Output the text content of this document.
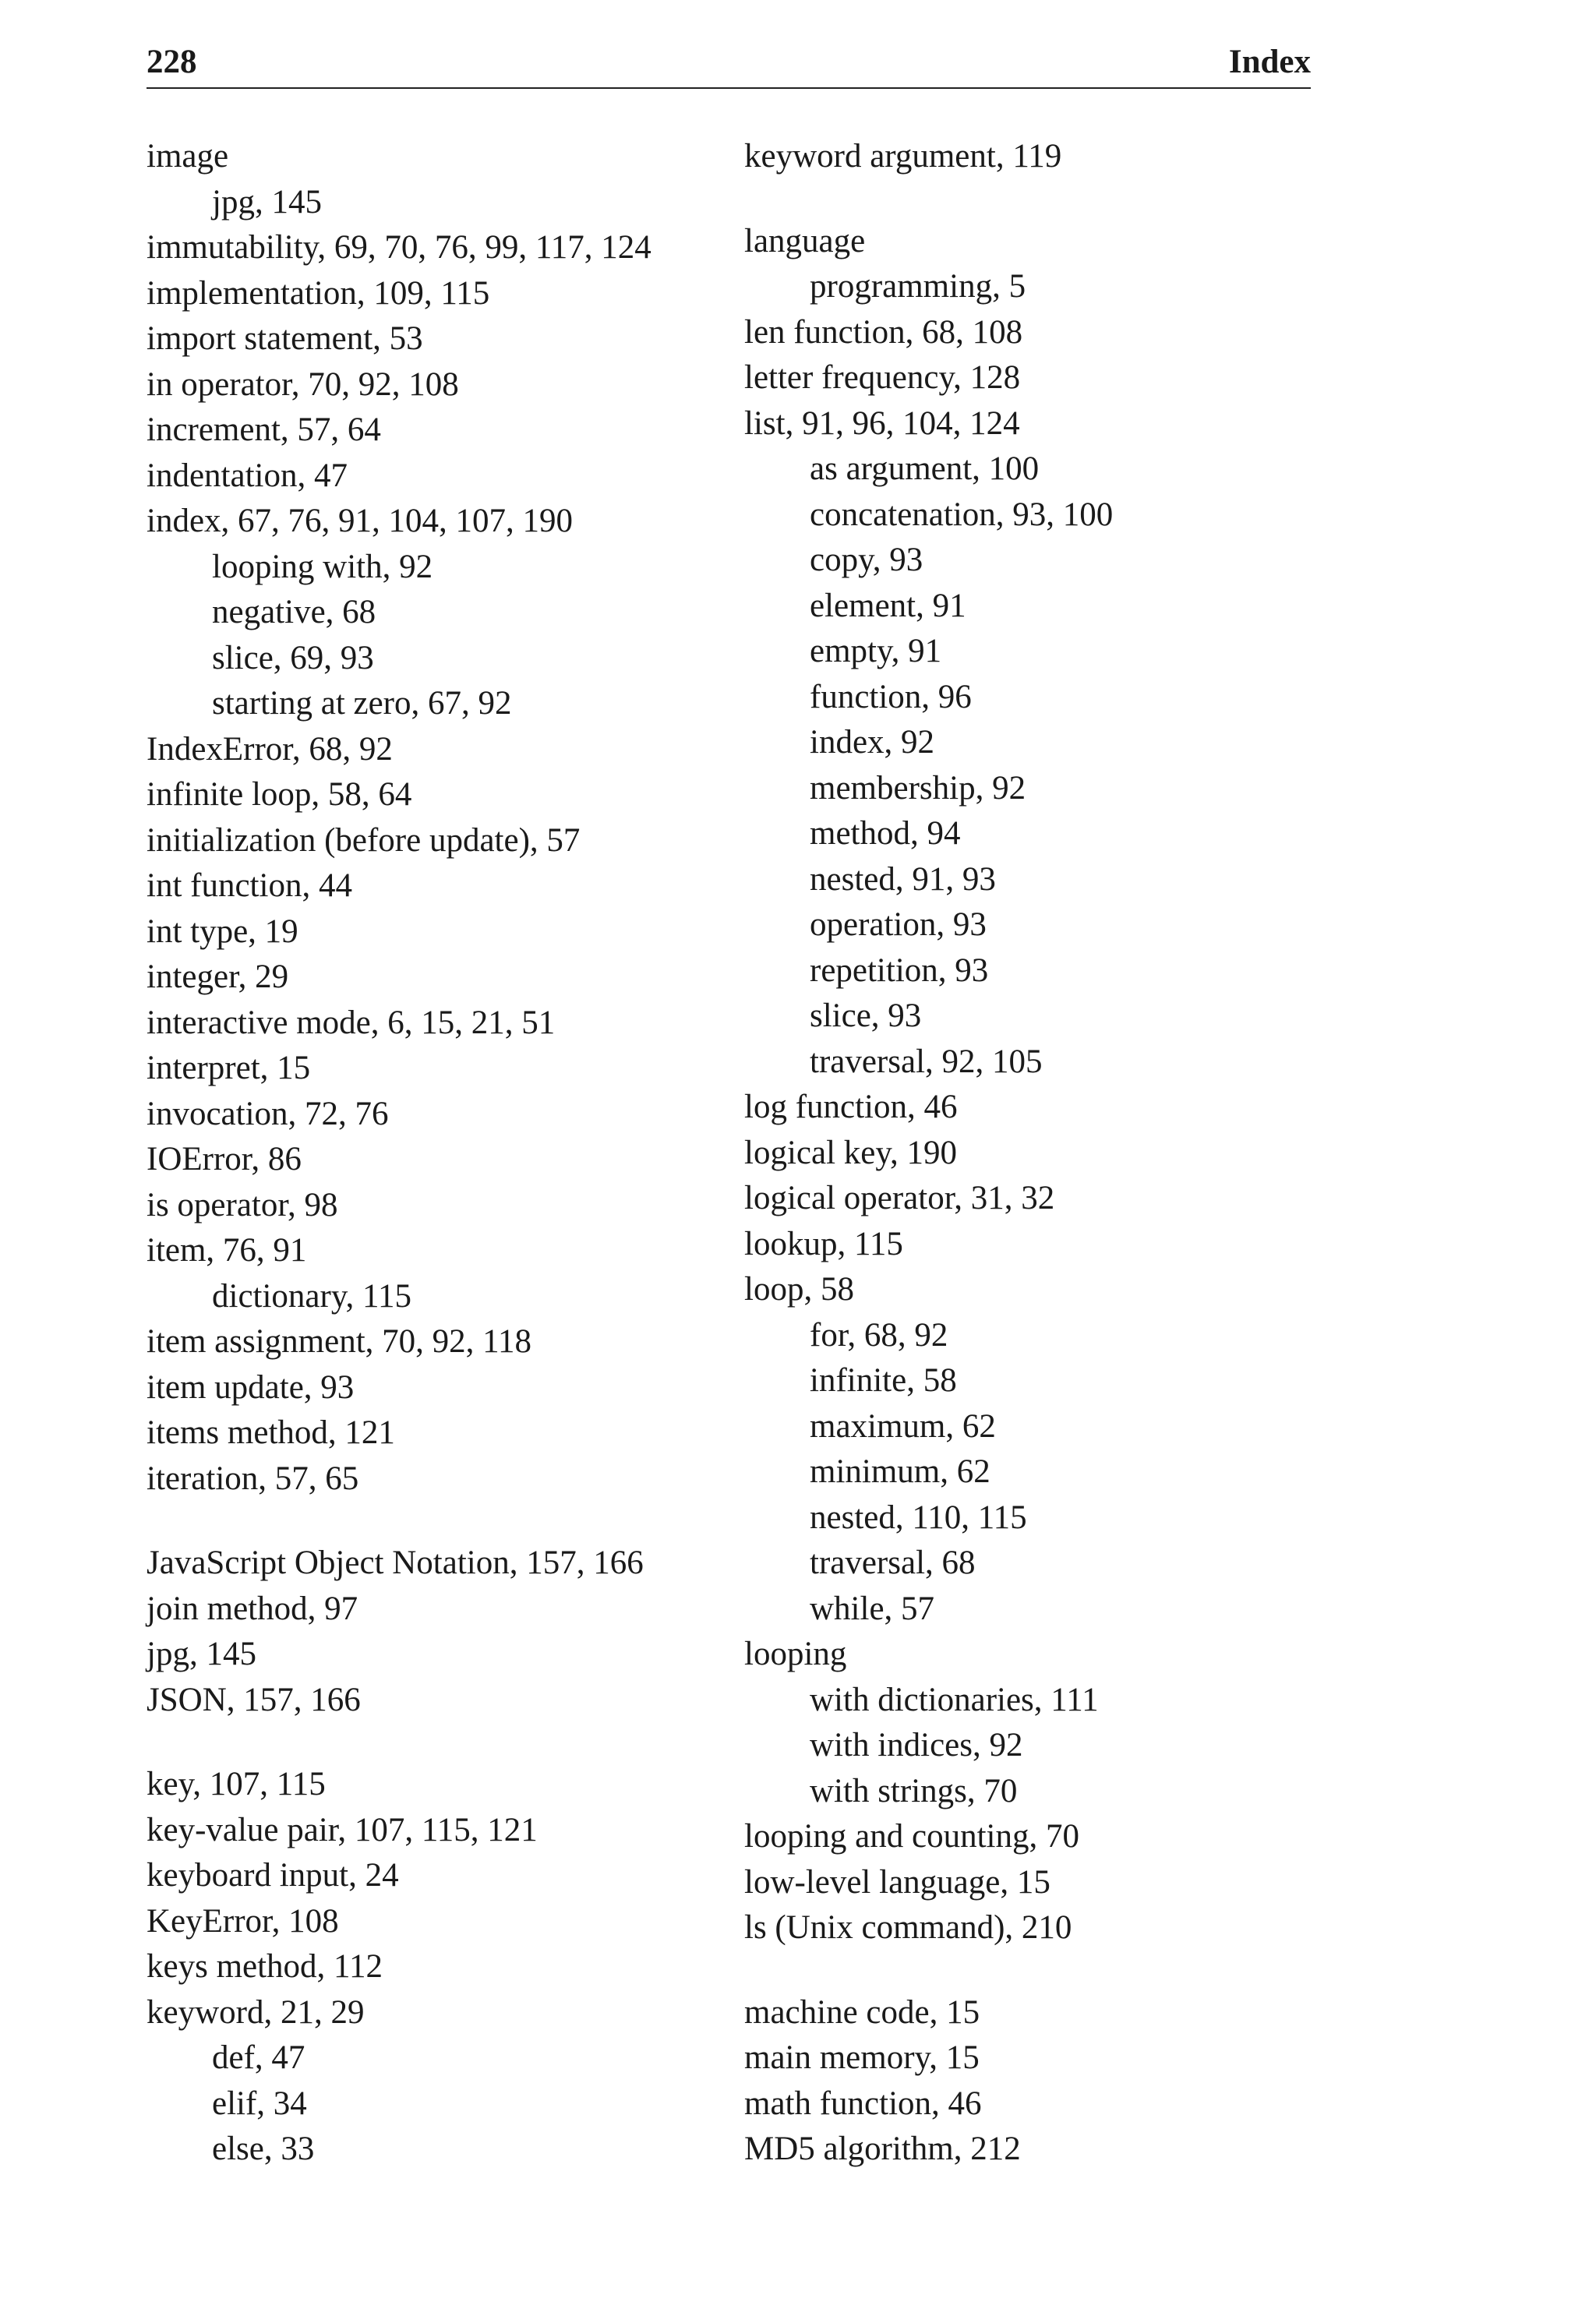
228	Index
image
jpg, 145
immutability, 69, 70, 76, 99, 117, 124
implementation, 109, 115
import statement, 53
in operator, 70, 92, 108
increment, 57, 64
indentation, 47
index, 67, 76, 91, 104, 107, 190
looping with, 92
negative, 68
slice, 69, 93
starting at zero, 67, 92
IndexError, 68, 92
infinite loop, 58, 64
initialization (before update), 57
int function, 44
int type, 19
integer, 29
interactive mode, 6, 15, 21, 51
interpret, 15
invocation, 72, 76
IOError, 86
is operator, 98
item, 76, 91
dictionary, 115
item assignment, 70, 92, 118
item update, 93
items method, 121
iteration, 57, 65
JavaScript Object Notation, 157, 166
join method, 97
jpg, 145
JSON, 157, 166
key, 107, 115
key-value pair, 107, 115, 121
keyboard input, 24
KeyError, 108
keys method, 112
keyword, 21, 29
def, 47
elif, 34
else, 33
keyword argument, 119
language
programming, 5
len function, 68, 108
letter frequency, 128
list, 91, 96, 104, 124
as argument, 100
concatenation, 93, 100
copy, 93
element, 91
empty, 91
function, 96
index, 92
membership, 92
method, 94
nested, 91, 93
operation, 93
repetition, 93
slice, 93
traversal, 92, 105
log function, 46
logical key, 190
logical operator, 31, 32
lookup, 115
loop, 58
for, 68, 92
infinite, 58
maximum, 62
minimum, 62
nested, 110, 115
traversal, 68
while, 57
looping
with dictionaries, 111
with indices, 92
with strings, 70
looping and counting, 70
low-level language, 15
ls (Unix command), 210
machine code, 15
main memory, 15
math function, 46
MD5 algorithm, 212
